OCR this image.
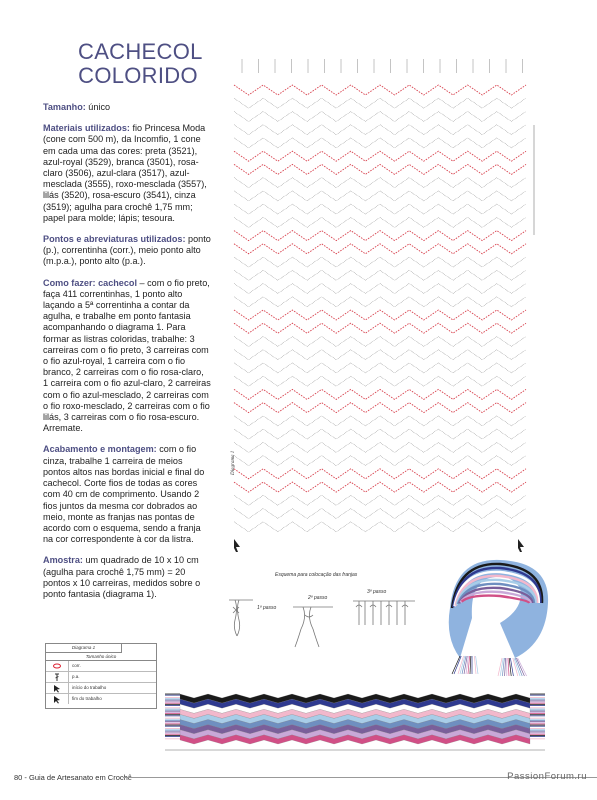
CACHECOL
COLORIDO

Tamanho: único

Materiais utilizados: fio Princesa Moda (cone com 500 m), da Incomfio, 1 cone em cada uma das cores: preta (3521), azul-royal (3529), branca (3501), rosa-claro (3506), azul-clara (3517), azul-mesclada (3555), roxo-mesclada (3557), lilás (3520), rosa-escuro (3541), cinza (3519); agulha para crochê 1,75 mm; papel para molde; lápis; tesoura.

Pontos e abreviaturas utilizados: ponto (p.), correntinha (corr.), meio ponto alto (m.p.a.), ponto alto (p.a.).

Como fazer: cachecol – com o fio preto, faça 411 correntinhas, 1 ponto alto laçando a 5ª correntinha a contar da agulha, e trabalhe em ponto fantasia acompanhando o diagrama 1. Para formar as listras coloridas, trabalhe: 3 carreiras com o fio preto, 3 carreiras com o fio azul-royal, 1 carreira com o fio branco, 2 carreiras com o fio rosa-claro, 1 carreira com o fio azul-claro, 2 carreiras com o fio azul-mesclado, 2 carreiras com o fio roxo-mesclado, 2 carreiras com o fio lilás, 3 carreiras com o fio rosa-escuro. Arremate.

Acabamento e montagem: com o fio cinza, trabalhe 1 carreira de meios pontos altos nas bordas inicial e final do cachecol. Corte fios de todas as cores com 40 cm de comprimento. Usando 2 fios juntos da mesma cor dobrados ao meio, monte as franjas nas pontas de acordo com o esquema, sendo a franja na cor correspondente à cor da listra.

Amostra: um quadrado de 10 x 10 cm (agulha para crochê 1,75 mm) = 20 pontos x 10 carreiras, medidos sobre o ponto fantasia (diagrama 1).

Diagrama 1
Esquema para colocação das franjas
1º passo
2º passo
3º passo
Diagrama 1
Tamanho único
corr.
p.a.
início do trabalho
fim do trabalho
80 - Guia de Artesanato em Crochê	PassionForum.ru
